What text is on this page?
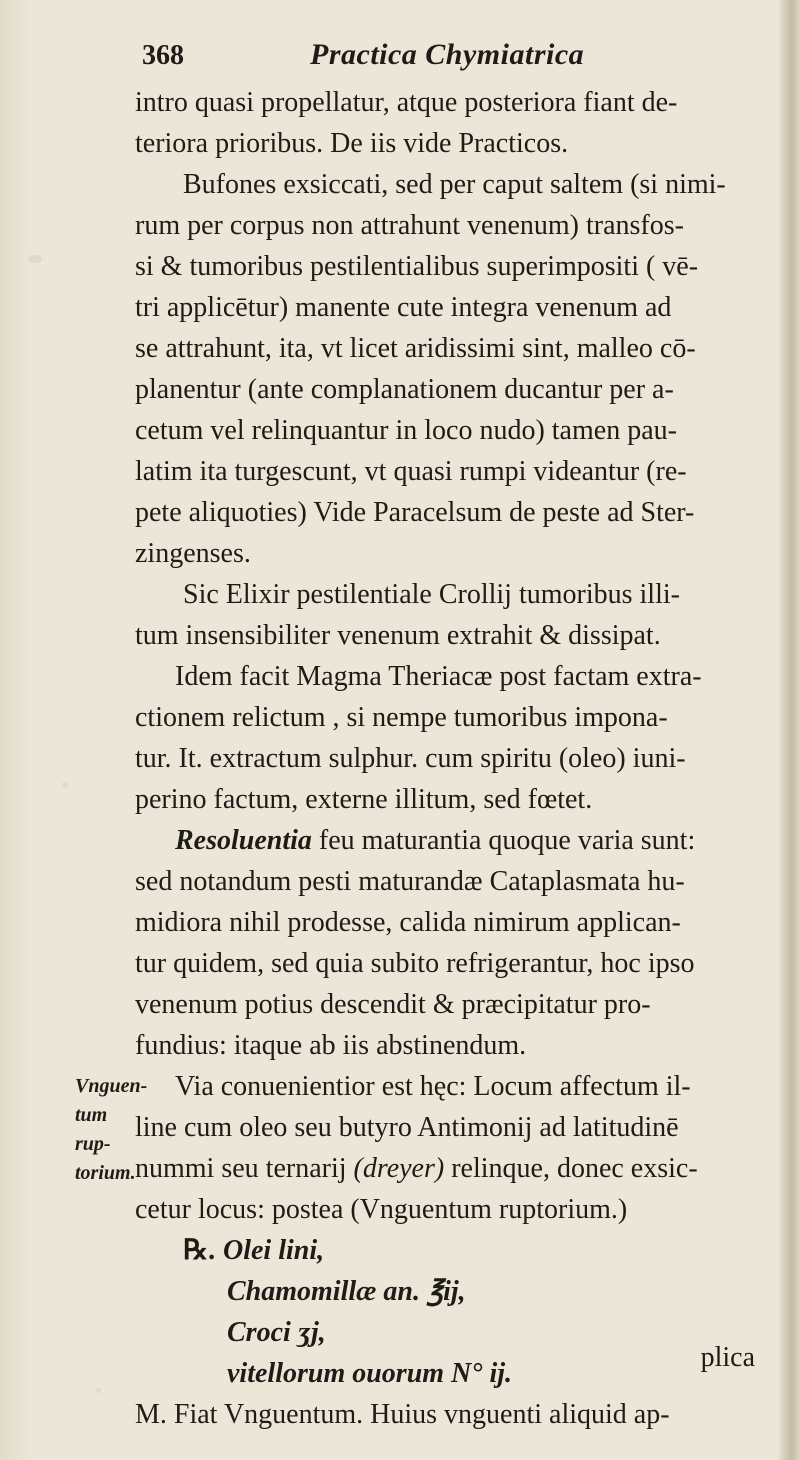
368	Practica Chymiatrica
intro quasi propellatur, atque posteriora fiant de-
teriora prioribus. De iis vide Practicos.
Bufones exsiccati, sed per caput saltem (si nimi-
rum per corpus non attrahunt venenum) transfos-
si & tumoribus pestilentialibus superimpositi ( vē-
tri applicētur) manente cute integra venenum ad
se attrahunt, ita, vt licet aridissimi sint, malleo cō-
planentur (ante complanationem ducantur per a-
cetum vel relinquantur in loco nudo) tamen pau-
latim ita turgescunt, vt quasi rumpi videantur (re-
pete aliquoties) Vide Paracelsum de peste ad Ster-
zingenses.
Sic Elixir pestilentiale Crollij tumoribus illi-
tum insensibiliter venenum extrahit & dissipat.
Idem facit Magma Theriacæ post factam extra-
ctionem relictum , si nempe tumoribus impona-
tur. It. extractum sulphur. cum spiritu (oleo) iuni-
perino factum, externe illitum, sed fœtet.
Resoluentia feu maturantia quoque varia sunt:
sed notandum pesti maturandæ Cataplasmata hu-
midiora nihil prodesse, calida nimirum applican-
tur quidem, sed quia subito refrigerantur, hoc ipso
venenum potius descendit & præcipitatur pro-
fundius: itaque ab iis abstinendum.
Via conuenientior est hęc: Locum affectum il-
line cum oleo seu butyro Antimonij ad latitudinē
nummi seu ternarij (dreyer) relinque, donec exsic-
cetur locus: postea (Vnguentum ruptorium.)
℞. Olei lini,
Chamomillæ an. ℥ij,
Croci ʒj,
vitellorum ouorum N° ij.
M. Fiat Vnguentum. Huius vnguenti aliquid ap-
plica
Vnguen-
tum rup-
torium.
